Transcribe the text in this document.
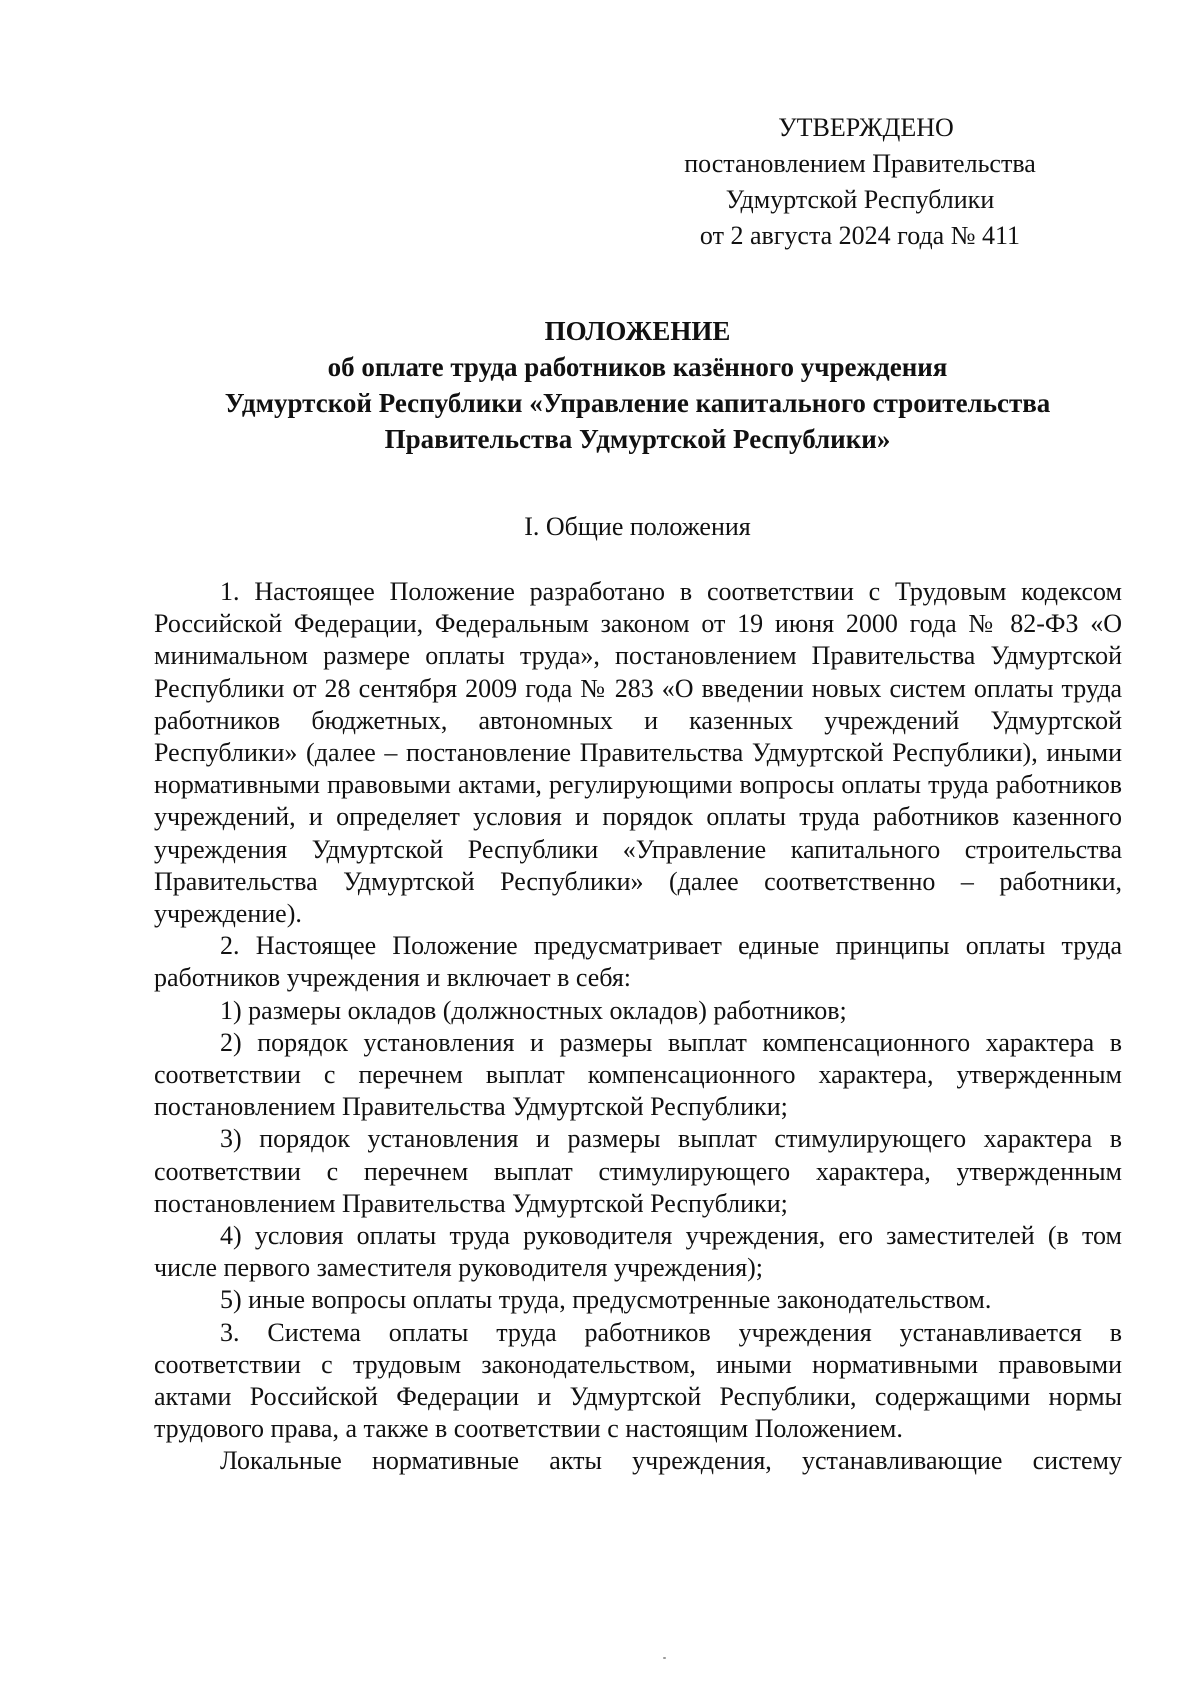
УТВЕРЖДЕНО
постановлением Правительства
Удмуртской Республики
от 2 августа 2024 года № 411
ПОЛОЖЕНИЕ
об оплате труда работников казённого учреждения
Удмуртской Республики «Управление капитального строительства
Правительства Удмуртской Республики»
I. Общие положения

1. Настоящее Положение разработано в соответствии с Трудовым кодексом Российской Федерации, Федеральным законом от 19 июня 2000 года № 82-ФЗ «О минимальном размере оплаты труда», постановлением Правительства Удмуртской Республики от 28 сентября 2009 года № 283 «О введении новых систем оплаты труда работников бюджетных, автономных и казенных учреждений Удмуртской Республики» (далее – постановление Правительства Удмуртской Республики), иными нормативными правовыми актами, регулирующими вопросы оплаты труда работников учреждений, и определяет условия и порядок оплаты труда работников казенного учреждения Удмуртской Республики «Управление капитального строительства Правительства Удмуртской Республики» (далее соответственно – работники, учреждение).

2. Настоящее Положение предусматривает единые принципы оплаты труда работников учреждения и включает в себя:

1) размеры окладов (должностных окладов) работников;

2) порядок установления и размеры выплат компенсационного характера в соответствии с перечнем выплат компенсационного характера, утвержденным постановлением Правительства Удмуртской Республики;

3) порядок установления и размеры выплат стимулирующего характера в соответствии с перечнем выплат стимулирующего характера, утвержденным постановлением Правительства Удмуртской Республики;

4) условия оплаты труда руководителя учреждения, его заместителей (в том числе первого заместителя руководителя учреждения);

5) иные вопросы оплаты труда, предусмотренные законодательством.

3. Система оплаты труда работников учреждения устанавливается в соответствии с трудовым законодательством, иными нормативными правовыми актами Российской Федерации и Удмуртской Республики, содержащими нормы трудового права, а также в соответствии с настоящим Положением.

Локальные нормативные акты учреждения, устанавливающие систему
